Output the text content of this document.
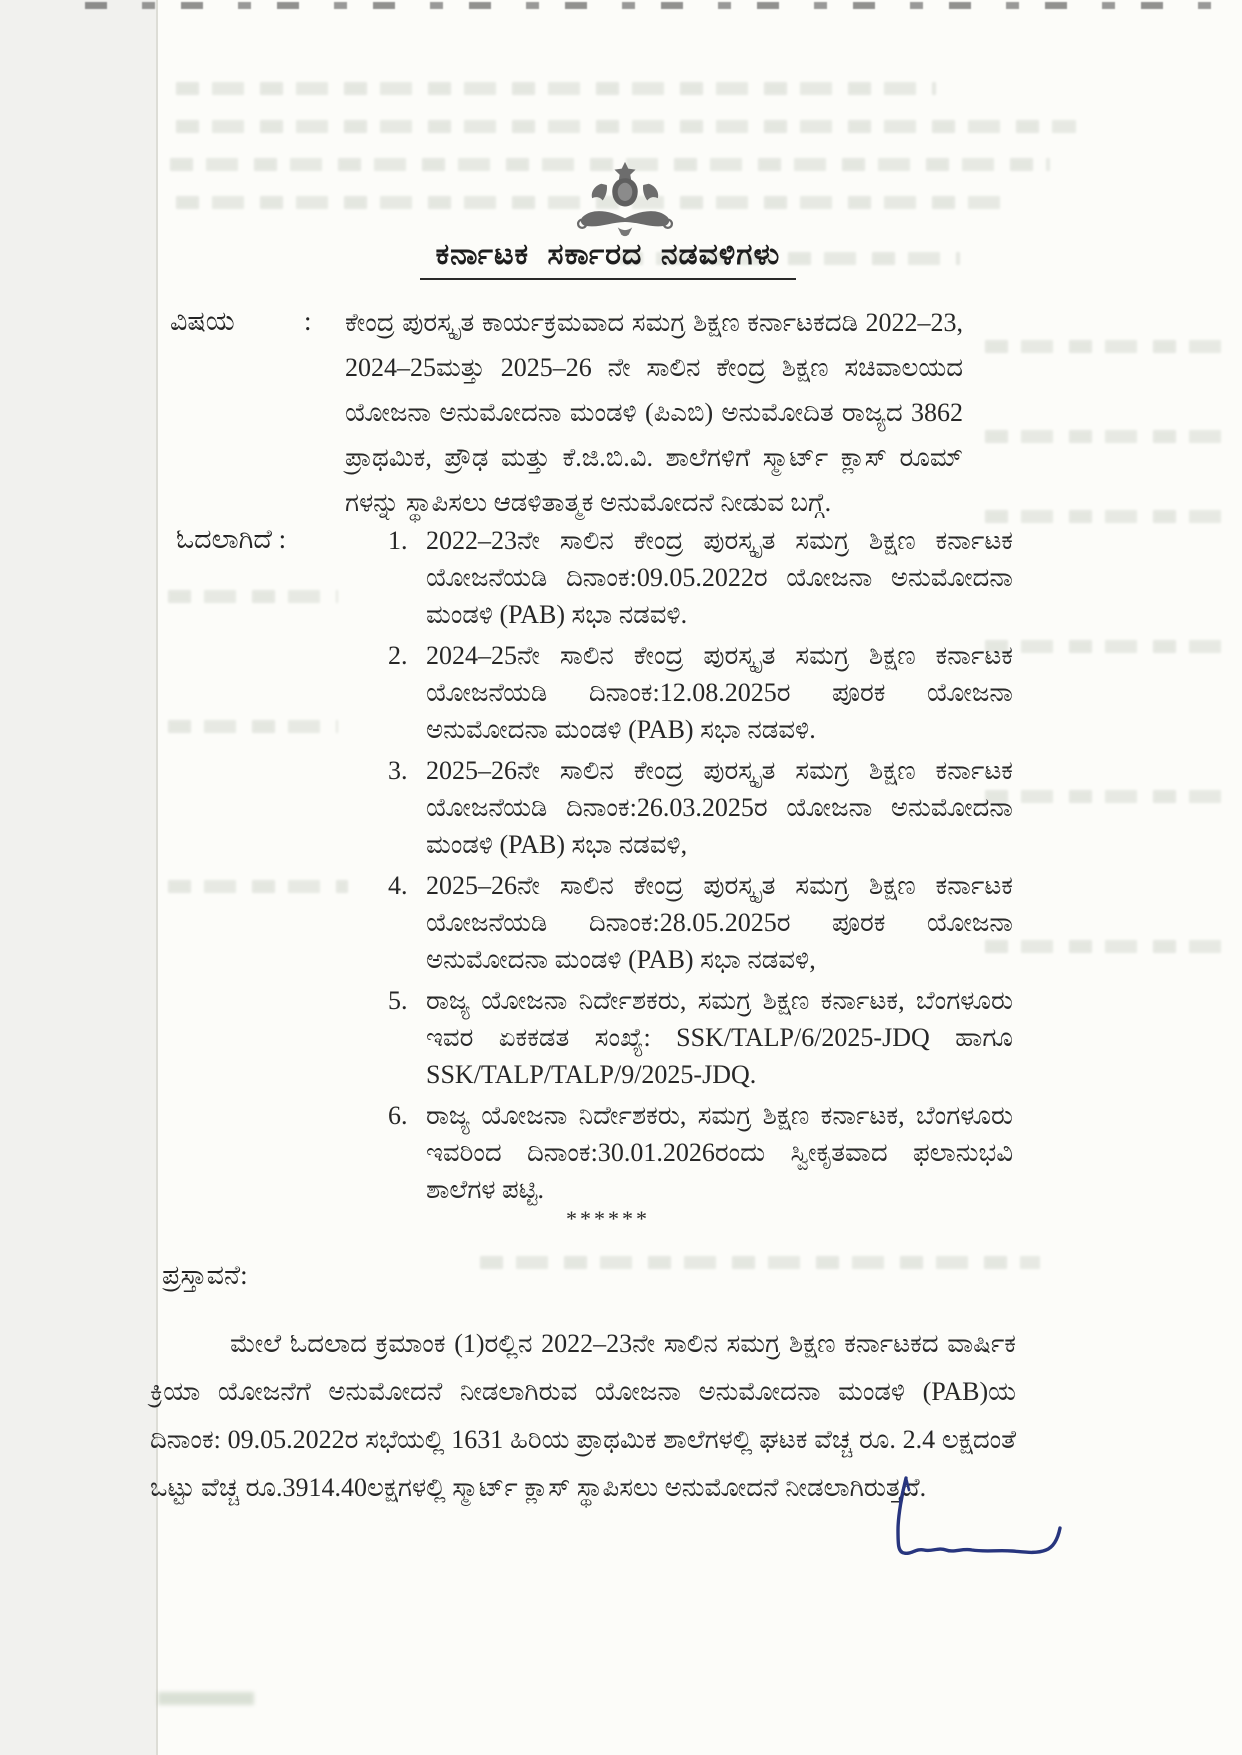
ಕರ್ನಾಟಕ ಸರ್ಕಾರದ ನಡವಳಿಗಳು
ವಿಷಯ	: ಕೇಂದ್ರ ಪುರಸ್ಕೃತ ಕಾರ್ಯಕ್ರಮವಾದ ಸಮಗ್ರ ಶಿಕ್ಷಣ ಕರ್ನಾಟಕದಡಿ 2022–23, 2024–25ಮತ್ತು 2025–26 ನೇ ಸಾಲಿನ ಕೇಂದ್ರ ಶಿಕ್ಷಣ ಸಚಿವಾಲಯದ ಯೋಜನಾ ಅನುಮೋದನಾ ಮಂಡಳಿ (ಪಿಎಬಿ) ಅನುಮೋದಿತ ರಾಜ್ಯದ 3862 ಪ್ರಾಥಮಿಕ, ಪ್ರೌಢ ಮತ್ತು ಕೆ.ಜಿ.ಬಿ.ವಿ. ಶಾಲೆಗಳಿಗೆ ಸ್ಮಾರ್ಟ್ ಕ್ಲಾಸ್ ರೂಮ್ ಗಳನ್ನು ಸ್ಥಾಪಿಸಲು ಆಡಳಿತಾತ್ಮಕ ಅನುಮೋದನೆ ನೀಡುವ ಬಗ್ಗೆ.
ಓದಲಾಗಿದೆ :	1. 2022–23ನೇ ಸಾಲಿನ ಕೇಂದ್ರ ಪುರಸ್ಕೃತ ಸಮಗ್ರ ಶಿಕ್ಷಣ ಕರ್ನಾಟಕ ಯೋಜನೆಯಡಿ ದಿನಾಂಕ:09.05.2022ರ ಯೋಜನಾ ಅನುಮೋದನಾ ಮಂಡಳಿ (PAB) ಸಭಾ ನಡವಳಿ.
2. 2024–25ನೇ ಸಾಲಿನ ಕೇಂದ್ರ ಪುರಸ್ಕೃತ ಸಮಗ್ರ ಶಿಕ್ಷಣ ಕರ್ನಾಟಕ ಯೋಜನೆಯಡಿ ದಿನಾಂಕ:12.08.2025ರ ಪೂರಕ ಯೋಜನಾ ಅನುಮೋದನಾ ಮಂಡಳಿ (PAB) ಸಭಾ ನಡವಳಿ.
3. 2025–26ನೇ ಸಾಲಿನ ಕೇಂದ್ರ ಪುರಸ್ಕೃತ ಸಮಗ್ರ ಶಿಕ್ಷಣ ಕರ್ನಾಟಕ ಯೋಜನೆಯಡಿ ದಿನಾಂಕ:26.03.2025ರ ಯೋಜನಾ ಅನುಮೋದನಾ ಮಂಡಳಿ (PAB) ಸಭಾ ನಡವಳಿ,
4. 2025–26ನೇ ಸಾಲಿನ ಕೇಂದ್ರ ಪುರಸ್ಕೃತ ಸಮಗ್ರ ಶಿಕ್ಷಣ ಕರ್ನಾಟಕ ಯೋಜನೆಯಡಿ ದಿನಾಂಕ:28.05.2025ರ ಪೂರಕ ಯೋಜನಾ ಅನುಮೋದನಾ ಮಂಡಳಿ (PAB) ಸಭಾ ನಡವಳಿ,
5. ರಾಜ್ಯ ಯೋಜನಾ ನಿರ್ದೇಶಕರು, ಸಮಗ್ರ ಶಿಕ್ಷಣ ಕರ್ನಾಟಕ, ಬೆಂಗಳೂರು ಇವರ ಏಕಕಡತ ಸಂಖ್ಯೆ: SSK/TALP/6/2025-JDQ ಹಾಗೂ SSK/TALP/TALP/9/2025-JDQ.
6. ರಾಜ್ಯ ಯೋಜನಾ ನಿರ್ದೇಶಕರು, ಸಮಗ್ರ ಶಿಕ್ಷಣ ಕರ್ನಾಟಕ, ಬೆಂಗಳೂರು ಇವರಿಂದ ದಿನಾಂಕ:30.01.2026ರಂದು ಸ್ವೀಕೃತವಾದ ಫಲಾನುಭವಿ ಶಾಲೆಗಳ ಪಟ್ಟಿ.
******
ಪ್ರಸ್ತಾವನೆ:
ಮೇಲೆ ಓದಲಾದ ಕ್ರಮಾಂಕ (1)ರಲ್ಲಿನ 2022–23ನೇ ಸಾಲಿನ ಸಮಗ್ರ ಶಿಕ್ಷಣ ಕರ್ನಾಟಕದ ವಾರ್ಷಿಕ ಕ್ರಿಯಾ ಯೋಜನೆಗೆ ಅನುಮೋದನೆ ನೀಡಲಾಗಿರುವ ಯೋಜನಾ ಅನುಮೋದನಾ ಮಂಡಳಿ (PAB)ಯ ದಿನಾಂಕ: 09.05.2022ರ ಸಭೆಯಲ್ಲಿ 1631 ಹಿರಿಯ ಪ್ರಾಥಮಿಕ ಶಾಲೆಗಳಲ್ಲಿ ಘಟಕ ವೆಚ್ಚ ರೂ. 2.4 ಲಕ್ಷದಂತೆ ಒಟ್ಟು ವೆಚ್ಚ ರೂ.3914.40ಲಕ್ಷಗಳಲ್ಲಿ ಸ್ಮಾರ್ಟ್ ಕ್ಲಾಸ್ ಸ್ಥಾಪಿಸಲು ಅನುಮೋದನೆ ನೀಡಲಾಗಿರುತ್ತದೆ.
